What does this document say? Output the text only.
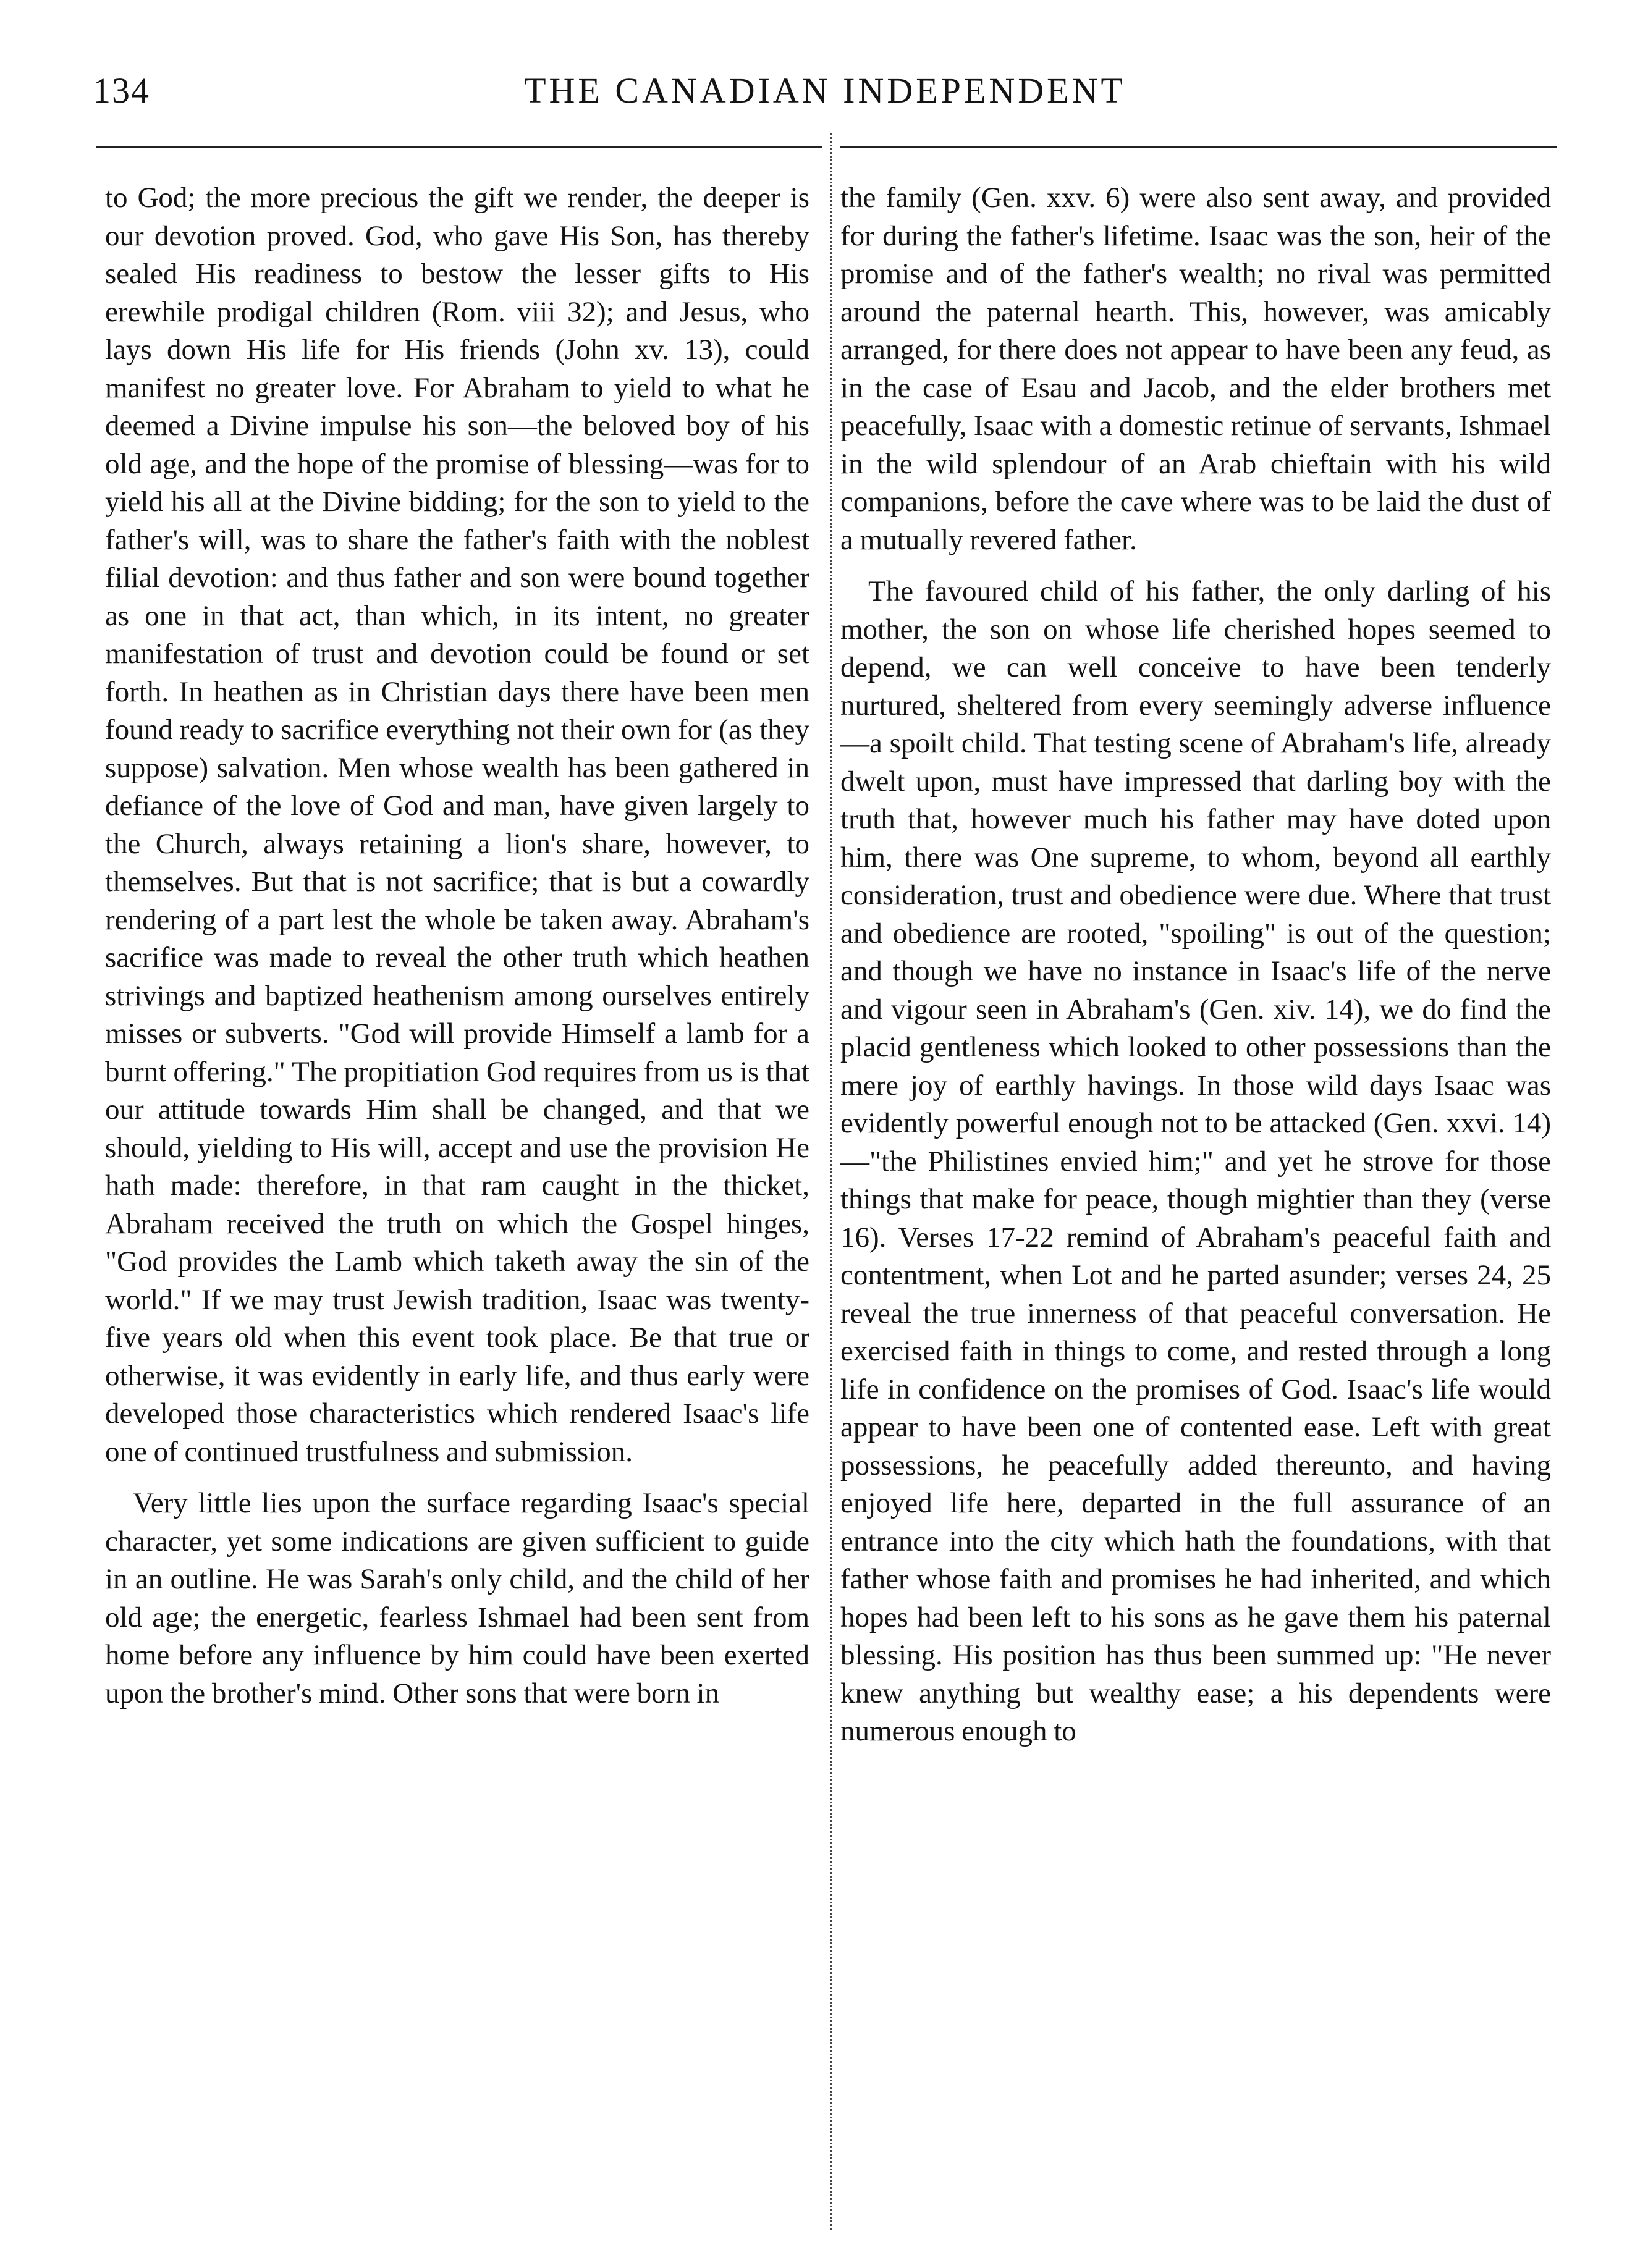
134	THE CANADIAN INDEPENDENT

to God; the more precious the gift we render, the deeper is our devotion proved. God, who gave His Son, has thereby sealed His readiness to bestow the lesser gifts to His erewhile prodigal children (Rom. viii 32); and Jesus, who lays down His life for His friends (John xv. 13), could manifest no greater love. For Abraham to yield to what he deemed a Divine impulse his son—the beloved boy of his old age, and the hope of the promise of blessing—was for to yield his all at the Divine bidding; for the son to yield to the father's will, was to share the father's faith with the noblest filial devotion: and thus father and son were bound together as one in that act, than which, in its intent, no greater manifestation of trust and devotion could be found or set forth. In heathen as in Christian days there have been men found ready to sacrifice everything not their own for (as they suppose) salvation. Men whose wealth has been gathered in defiance of the love of God and man, have given largely to the Church, always retaining a lion's share, however, to themselves. But that is not sacrifice; that is but a cowardly rendering of a part lest the whole be taken away. Abraham's sacrifice was made to reveal the other truth which heathen strivings and baptized heathenism among ourselves entirely misses or subverts. "God will provide Himself a lamb for a burnt offering." The propitiation God requires from us is that our attitude towards Him shall be changed, and that we should, yielding to His will, accept and use the provision He hath made: therefore, in that ram caught in the thicket, Abraham received the truth on which the Gospel hinges, "God provides the Lamb which taketh away the sin of the world." If we may trust Jewish tradition, Isaac was twenty-five years old when this event took place. Be that true or otherwise, it was evidently in early life, and thus early were developed those characteristics which rendered Isaac's life one of continued trustfulness and submission.

Very little lies upon the surface regarding Isaac's special character, yet some indications are given sufficient to guide in an outline. He was Sarah's only child, and the child of her old age; the energetic, fearless Ishmael had been sent from home before any influence by him could have been exerted upon the brother's mind. Other sons that were born in

the family (Gen. xxv. 6) were also sent away, and provided for during the father's lifetime. Isaac was the son, heir of the promise and of the father's wealth; no rival was permitted around the paternal hearth. This, however, was amicably arranged, for there does not appear to have been any feud, as in the case of Esau and Jacob, and the elder brothers met peacefully, Isaac with a domestic retinue of servants, Ishmael in the wild splendour of an Arab chieftain with his wild companions, before the cave where was to be laid the dust of a mutually revered father.

The favoured child of his father, the only darling of his mother, the son on whose life cherished hopes seemed to depend, we can well conceive to have been tenderly nurtured, sheltered from every seemingly adverse influence—a spoilt child. That testing scene of Abraham's life, already dwelt upon, must have impressed that darling boy with the truth that, however much his father may have doted upon him, there was One supreme, to whom, beyond all earthly consideration, trust and obedience were due. Where that trust and obedience are rooted, "spoiling" is out of the question; and though we have no instance in Isaac's life of the nerve and vigour seen in Abraham's (Gen. xiv. 14), we do find the placid gentleness which looked to other possessions than the mere joy of earthly havings. In those wild days Isaac was evidently powerful enough not to be attacked (Gen. xxvi. 14)—"the Philistines envied him;" and yet he strove for those things that make for peace, though mightier than they (verse 16). Verses 17-22 remind of Abraham's peaceful faith and contentment, when Lot and he parted asunder; verses 24, 25 reveal the true innerness of that peaceful conversation. He exercised faith in things to come, and rested through a long life in confidence on the promises of God. Isaac's life would appear to have been one of contented ease. Left with great possessions, he peacefully added thereunto, and having enjoyed life here, departed in the full assurance of an entrance into the city which hath the foundations, with that father whose faith and promises he had inherited, and which hopes had been left to his sons as he gave them his paternal blessing. His position has thus been summed up: "He never knew anything but wealthy ease; a his dependents were numerous enough to
